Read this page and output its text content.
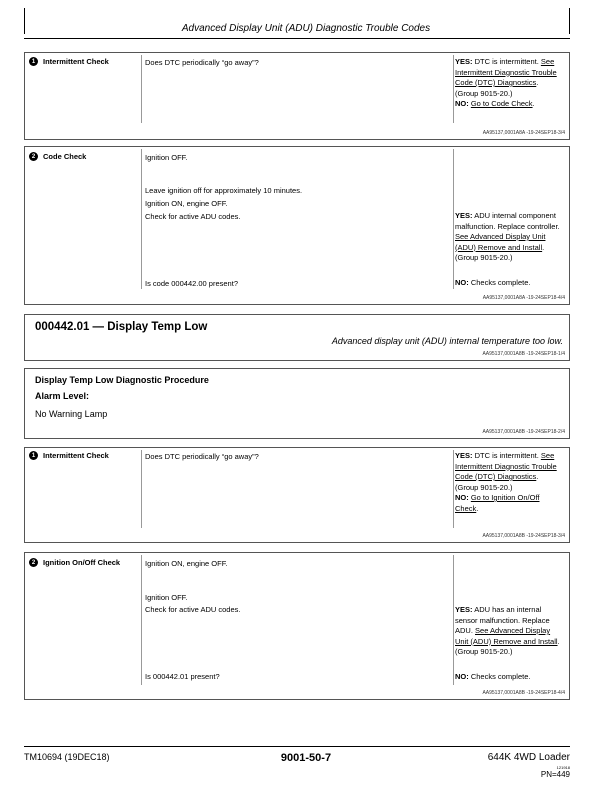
Advanced Display Unit (ADU) Diagnostic Trouble Codes
1	Intermittent Check	Does DTC periodically “go away”?	YES: DTC is intermittent. See Intermittent Diagnostic Trouble Code (DTC) Diagnostics. (Group 9015-20.)
NO: Go to Code Check.
AA95137,0001A8A -19-24SEP18-3/4
2	Code Check	Ignition OFF.
Leave ignition off for approximately 10 minutes.
Ignition ON, engine OFF.
Check for active ADU codes.
Is code 000442.00 present?
YES: ADU internal component malfunction. Replace controller. See Advanced Display Unit (ADU) Remove and Install. (Group 9015-20.)
NO: Checks complete.
AA95137,0001A8A -19-24SEP18-4/4
000442.01 — Display Temp Low
Advanced display unit (ADU) internal temperature too low.
AA95137,0001A8B -19-24SEP18-1/4
Display Temp Low Diagnostic Procedure
Alarm Level:
No Warning Lamp
AA95137,0001A8B -19-24SEP18-2/4
1	Intermittent Check	Does DTC periodically “go away”?	YES: DTC is intermittent. See Intermittent Diagnostic Trouble Code (DTC) Diagnostics. (Group 9015-20.)
NO: Go to Ignition On/Off Check.
AA95137,0001A8B -19-24SEP18-3/4
2	Ignition On/Off Check	Ignition ON, engine OFF.
Ignition OFF.
Check for active ADU codes.
Is 000442.01 present?
YES: ADU has an internal sensor malfunction. Replace ADU. See Advanced Display Unit (ADU) Remove and Install. (Group 9015-20.)
NO: Checks complete.
AA95137,0001A8B -19-24SEP18-4/4
TM10694 (19DEC18)	9001-50-7	644K 4WD Loader
121918
PN=449
